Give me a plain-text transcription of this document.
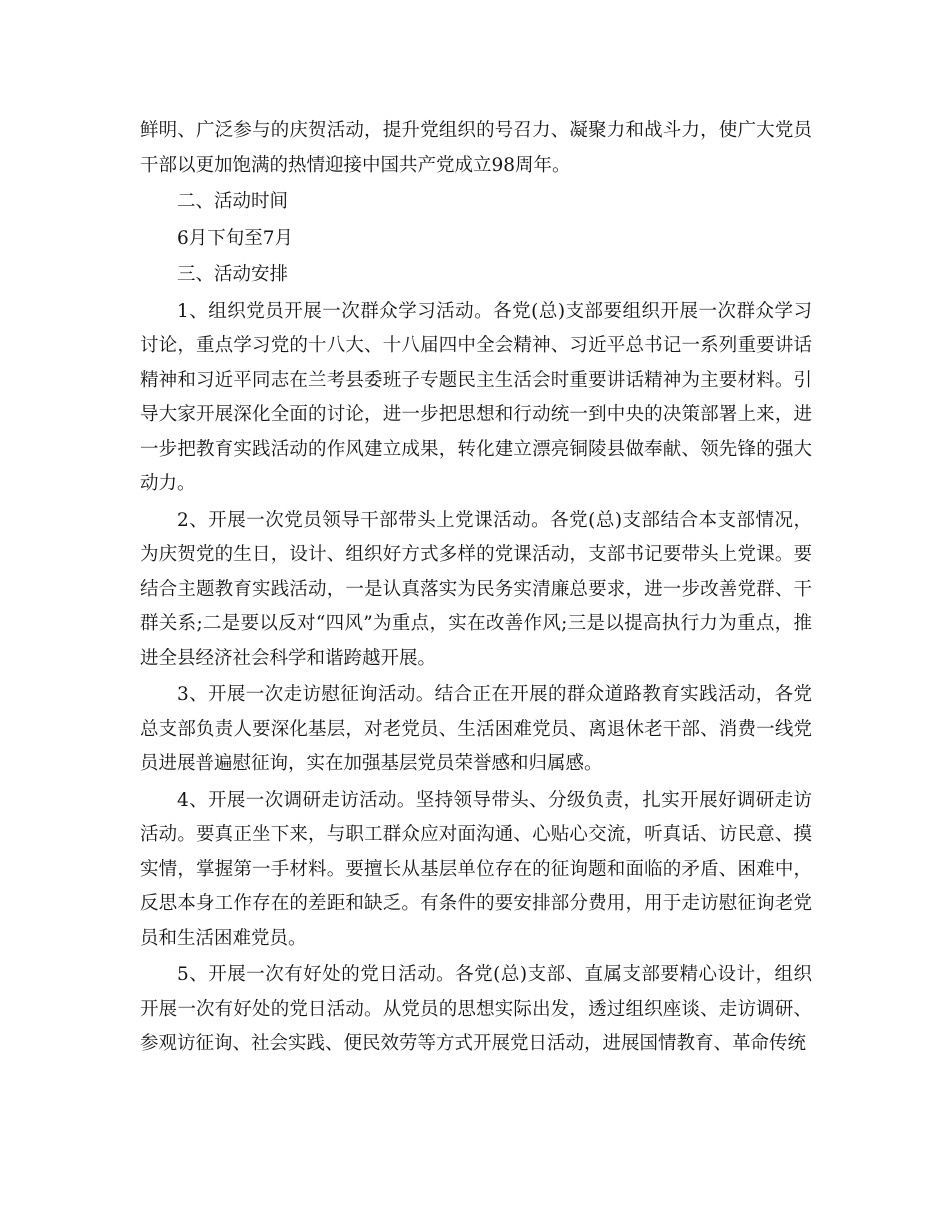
鲜明、广泛参与的庆贺活动，提升党组织的号召力、凝聚力和战斗力，使广大党员干部以更加饱满的热情迎接中国共产党成立98周年。

二、活动时间

6月下旬至7月

三、活动安排

1、组织党员开展一次群众学习活动。各党(总)支部要组织开展一次群众学习讨论，重点学习党的十八大、十八届四中全会精神、习近平总书记一系列重要讲话精神和习近平同志在兰考县委班子专题民主生活会时重要讲话精神为主要材料。引导大家开展深化全面的讨论，进一步把思想和行动统一到中央的决策部署上来，进一步把教育实践活动的作风建立成果，转化建立漂亮铜陵县做奉献、领先锋的强大动力。

2、开展一次党员领导干部带头上党课活动。各党(总)支部结合本支部情况，为庆贺党的生日，设计、组织好方式多样的党课活动，支部书记要带头上党课。要结合主题教育实践活动，一是认真落实为民务实清廉总要求，进一步改善党群、干群关系;二是要以反对“四风”为重点，实在改善作风;三是以提高执行力为重点，推进全县经济社会科学和谐跨越开展。

3、开展一次走访慰征询活动。结合正在开展的群众道路教育实践活动，各党总支部负责人要深化基层，对老党员、生活困难党员、离退休老干部、消费一线党员进展普遍慰征询，实在加强基层党员荣誉感和归属感。

4、开展一次调研走访活动。坚持领导带头、分级负责，扎实开展好调研走访活动。要真正坐下来，与职工群众应对面沟通、心贴心交流，听真话、访民意、摸实情，掌握第一手材料。要擅长从基层单位存在的征询题和面临的矛盾、困难中，反思本身工作存在的差距和缺乏。有条件的要安排部分费用，用于走访慰征询老党员和生活困难党员。

5、开展一次有好处的党日活动。各党(总)支部、直属支部要精心设计，组织开展一次有好处的党日活动。从党员的思想实际出发，透过组织座谈、走访调研、参观访征询、社会实践、便民效劳等方式开展党日活动，进展国情教育、革命传统
